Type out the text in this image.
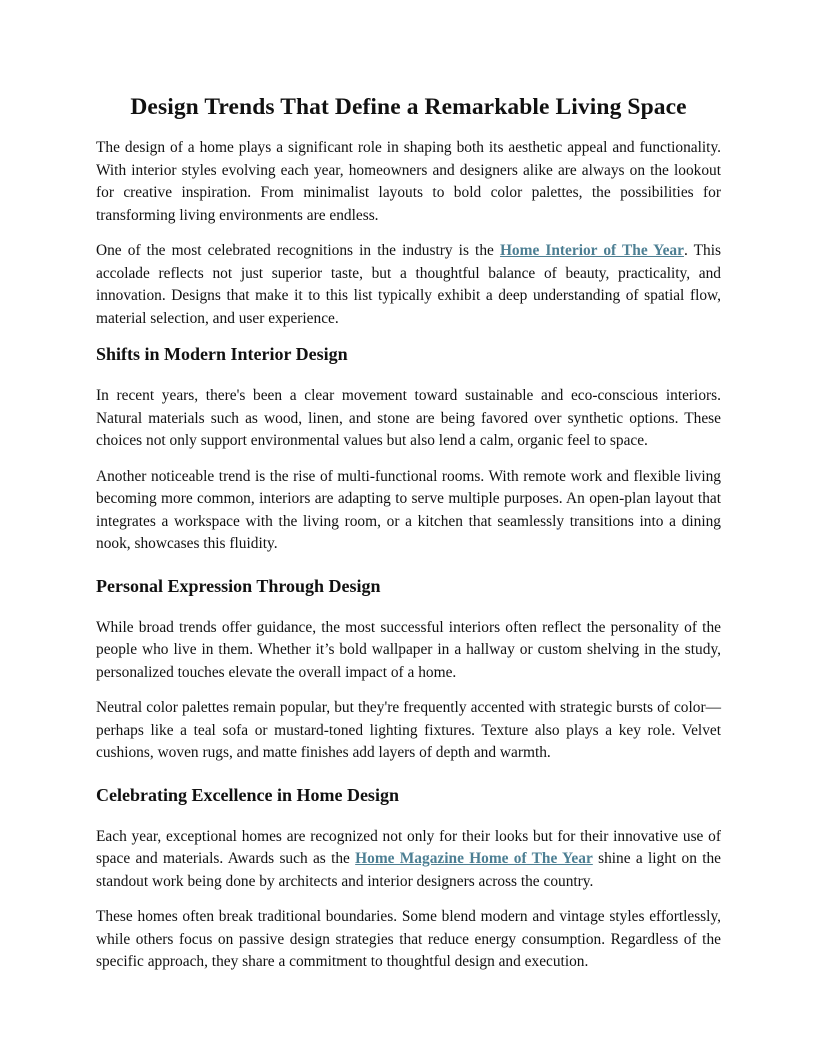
Design Trends That Define a Remarkable Living Space

The design of a home plays a significant role in shaping both its aesthetic appeal and functionality. With interior styles evolving each year, homeowners and designers alike are always on the lookout for creative inspiration. From minimalist layouts to bold color palettes, the possibilities for transforming living environments are endless.

One of the most celebrated recognitions in the industry is the Home Interior of The Year. This accolade reflects not just superior taste, but a thoughtful balance of beauty, practicality, and innovation. Designs that make it to this list typically exhibit a deep understanding of spatial flow, material selection, and user experience.

Shifts in Modern Interior Design

In recent years, there's been a clear movement toward sustainable and eco-conscious interiors. Natural materials such as wood, linen, and stone are being favored over synthetic options. These choices not only support environmental values but also lend a calm, organic feel to space.

Another noticeable trend is the rise of multi-functional rooms. With remote work and flexible living becoming more common, interiors are adapting to serve multiple purposes. An open-plan layout that integrates a workspace with the living room, or a kitchen that seamlessly transitions into a dining nook, showcases this fluidity.

Personal Expression Through Design

While broad trends offer guidance, the most successful interiors often reflect the personality of the people who live in them. Whether it’s bold wallpaper in a hallway or custom shelving in the study, personalized touches elevate the overall impact of a home.

Neutral color palettes remain popular, but they're frequently accented with strategic bursts of color—perhaps like a teal sofa or mustard-toned lighting fixtures. Texture also plays a key role. Velvet cushions, woven rugs, and matte finishes add layers of depth and warmth.

Celebrating Excellence in Home Design

Each year, exceptional homes are recognized not only for their looks but for their innovative use of space and materials. Awards such as the Home Magazine Home of The Year shine a light on the standout work being done by architects and interior designers across the country.

These homes often break traditional boundaries. Some blend modern and vintage styles effortlessly, while others focus on passive design strategies that reduce energy consumption. Regardless of the specific approach, they share a commitment to thoughtful design and execution.
